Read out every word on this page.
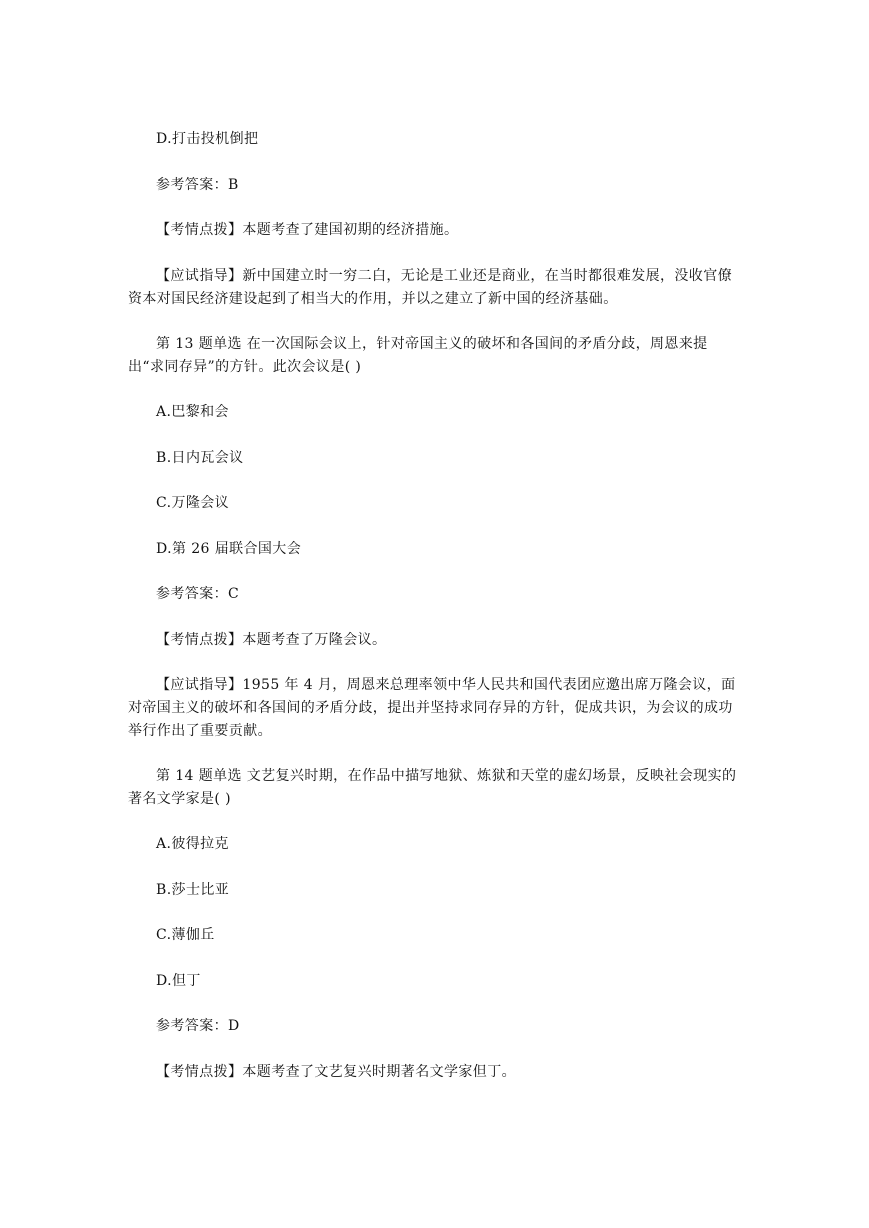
D.打击投机倒把

参考答案：B

【考情点拨】本题考查了建国初期的经济措施。

【应试指导】新中国建立时一穷二白，无论是工业还是商业，在当时都很难发展，没收官僚资本对国民经济建设起到了相当大的作用，并以之建立了新中国的经济基础。

第 13 题单选 在一次国际会议上，针对帝国主义的破坏和各国间的矛盾分歧，周恩来提出“求同存异”的方针。此次会议是( )

A.巴黎和会

B.日内瓦会议

C.万隆会议

D.第 26 届联合国大会

参考答案：C

【考情点拨】本题考查了万隆会议。

【应试指导】1955 年 4 月，周恩来总理率领中华人民共和国代表团应邀出席万隆会议，面对帝国主义的破坏和各国间的矛盾分歧，提出并坚持求同存异的方针，促成共识，为会议的成功举行作出了重要贡献。

第 14 题单选 文艺复兴时期，在作品中描写地狱、炼狱和天堂的虚幻场景，反映社会现实的著名文学家是( )

A.彼得拉克

B.莎士比亚

C.薄伽丘

D.但丁

参考答案：D

【考情点拨】本题考查了文艺复兴时期著名文学家但丁。
